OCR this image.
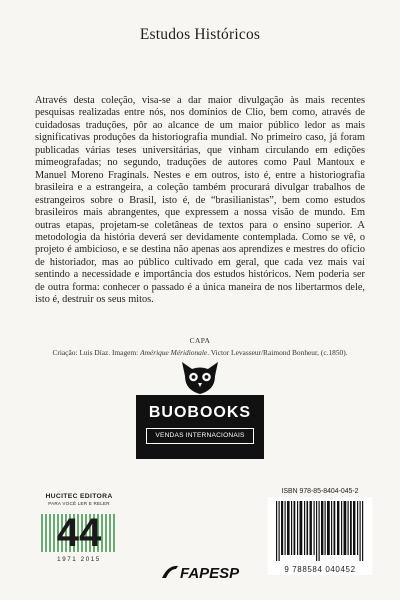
Estudos Históricos
Através desta coleção, visa-se a dar maior divulgação às mais recentes pesquisas realizadas entre nós, nos domínios de Clio, bem como, através de cuidadosas traduções, pôr ao alcance de um maior público ledor as mais significativas produções da historiografia mundial. No primeiro caso, já foram publicadas várias teses universitárias, que vinham circulando em edições mimeografadas; no segundo, traduções de autores como Paul Mantoux e Manuel Moreno Fraginals. Nestes e em outros, isto é, entre a historiografia brasileira e a estrangeira, a coleção também procurará divulgar trabalhos de estrangeiros sobre o Brasil, isto é, de “brasilianistas”, bem como estudos brasileiros mais abrangentes, que expressem a nossa visão de mundo. Em outras etapas, projetam-se coletâneas de textos para o ensino superior. A metodologia da história deverá ser devidamente contemplada. Como se vê, o projeto é ambicioso, e se destina não apenas aos aprendizes e mestres do ofício de historiador, mas ao público cultivado em geral, que cada vez mais vai sentindo a necessidade e importância dos estudos históricos. Nem poderia ser de outra forma: conhecer o passado é a única maneira de nos libertarmos dele, isto é, destruir os seus mitos.
CAPA
Criação: Luis Díaz. Imagem: Amérique Méridionale. Victor Levasseur/Raimond Bonheur, (c.1850).
BUOBOOKS
VENDAS INTERNACIONAIS
HUCITEC EDITORA
PARA VOCÊ LER E RELER
44
1971 2015
FAPESP
ISBN 978-85-8404-045-2
9 788584 040452
